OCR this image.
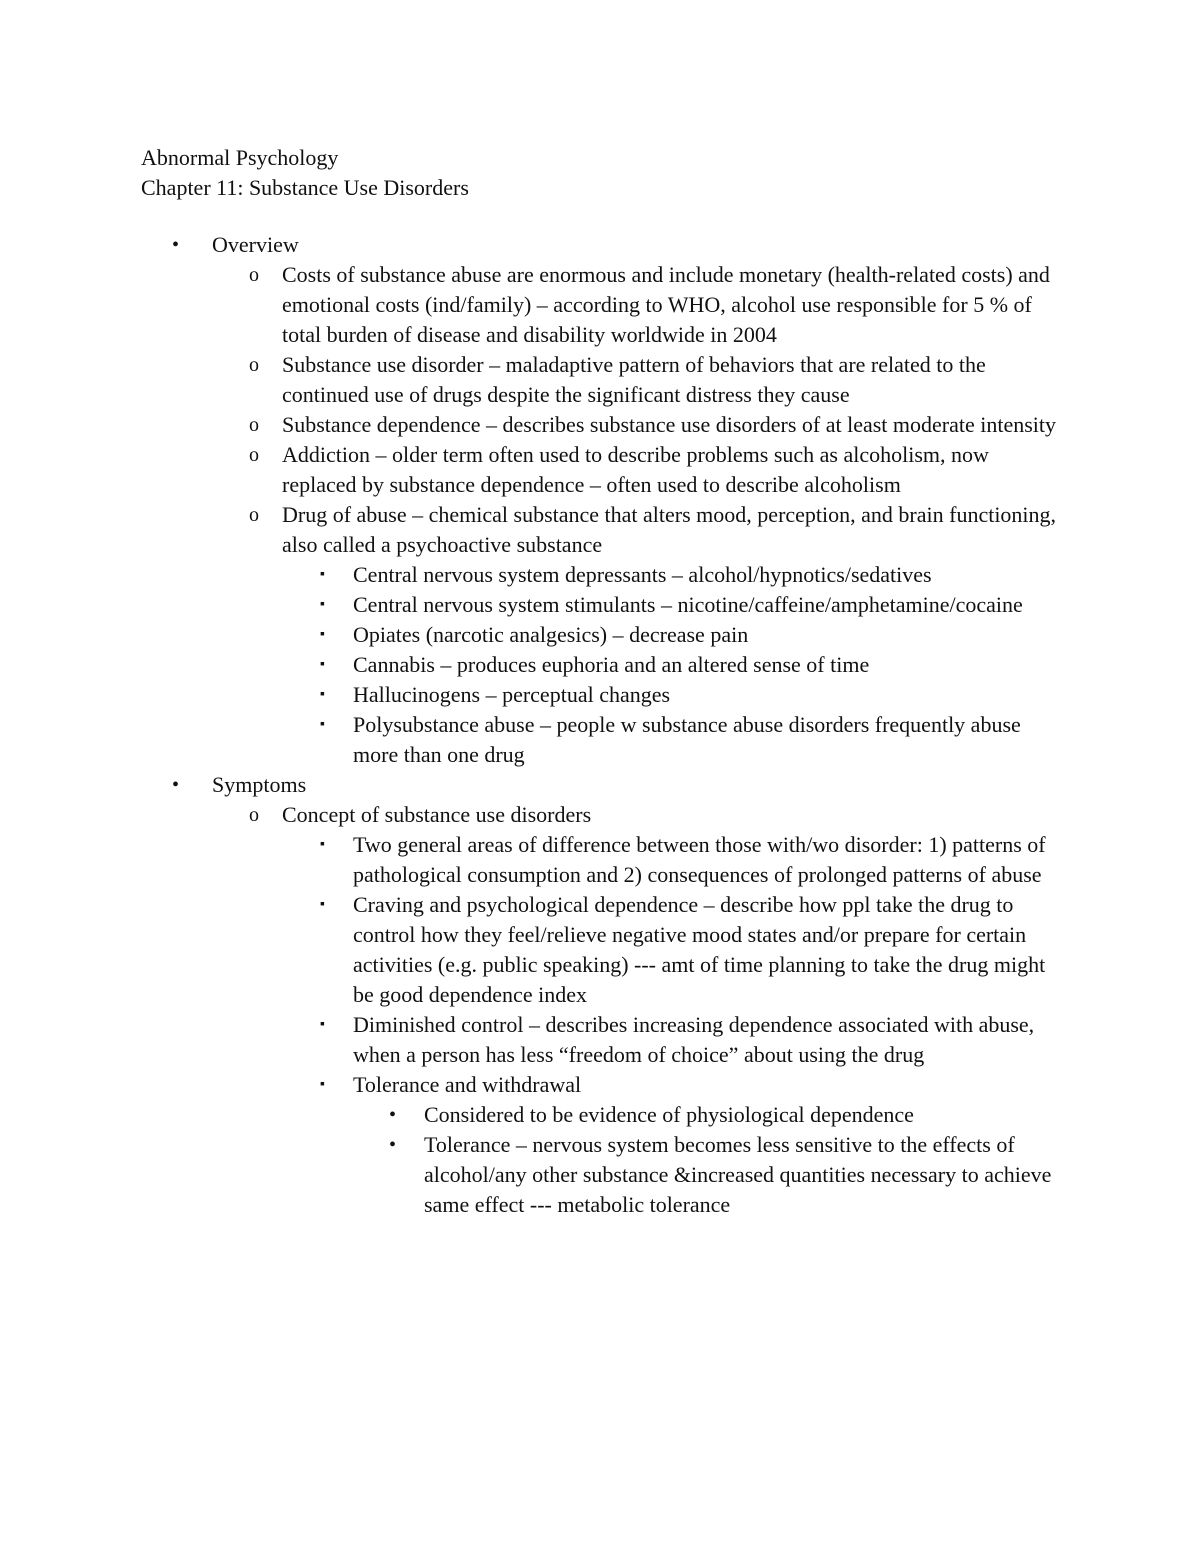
Abnormal Psychology
Chapter 11: Substance Use Disorders
• Overview
o Costs of substance abuse are enormous and include monetary (health-related costs) and emotional costs (ind/family) – according to WHO, alcohol use responsible for 5 % of total burden of disease and disability worldwide in 2004
o Substance use disorder – maladaptive pattern of behaviors that are related to the continued use of drugs despite the significant distress they cause
o Substance dependence – describes substance use disorders of at least moderate intensity
o Addiction – older term often used to describe problems such as alcoholism, now replaced by substance dependence – often used to describe alcoholism
o Drug of abuse – chemical substance that alters mood, perception, and brain functioning, also called a psychoactive substance
▪ Central nervous system depressants – alcohol/hypnotics/sedatives
▪ Central nervous system stimulants – nicotine/caffeine/amphetamine/cocaine
▪ Opiates (narcotic analgesics) – decrease pain
▪ Cannabis – produces euphoria and an altered sense of time
▪ Hallucinogens – perceptual changes
▪ Polysubstance abuse – people w substance abuse disorders frequently abuse more than one drug
• Symptoms
o Concept of substance use disorders
▪ Two general areas of difference between those with/wo disorder: 1) patterns of pathological consumption and 2) consequences of prolonged patterns of abuse
▪ Craving and psychological dependence – describe how ppl take the drug to control how they feel/relieve negative mood states and/or prepare for certain activities (e.g. public speaking) --- amt of time planning to take the drug might be good dependence index
▪ Diminished control – describes increasing dependence associated with abuse, when a person has less “freedom of choice” about using the drug
▪ Tolerance and withdrawal
• Considered to be evidence of physiological dependence
• Tolerance – nervous system becomes less sensitive to the effects of alcohol/any other substance &increased quantities necessary to achieve same effect --- metabolic tolerance
